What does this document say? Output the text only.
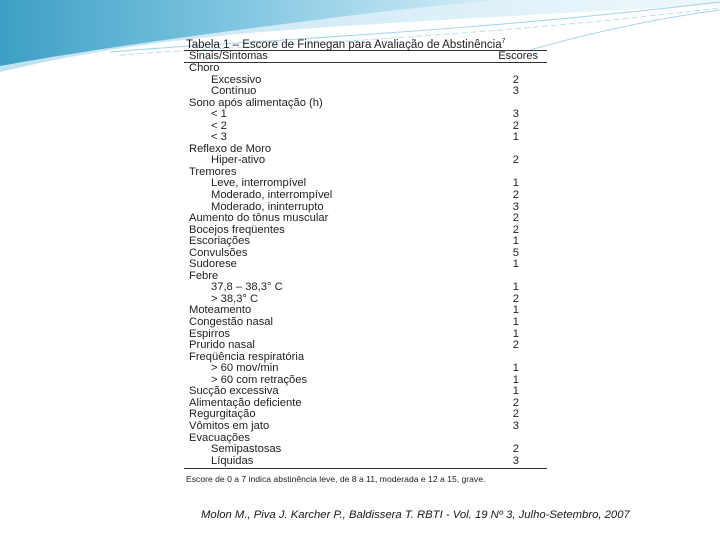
Tabela 1 – Escore de Finnegan para Avaliação de Abstinência$^7$
Sinais/Sintomas	Escores
Choro
Excessivo	2
Contínuo	3
Sono após alimentação (h)
< 1	3
< 2	2
< 3	1
Reflexo de Moro
Hiper-ativo	2
Tremores
Leve, interrompível	1
Moderado, interrompível	2
Moderado, ininterrupto	3
Aumento do tônus muscular	2
Bocejos freqüentes	2
Escoriações	1
Convulsões	5
Sudorese	1
Febre
37,8 – 38,3° C	1
> 38,3° C	2
Moteamento	1
Congestão nasal	1
Espirros	1
Prurido nasal	2
Freqüência respiratória
> 60 mov/min	1
> 60 com retrações	1
Sucção excessiva	1
Alimentação deficiente	2
Regurgitação	2
Vômitos em jato	3
Evacuações
Semipastosas	2
Líquidas	3
Escore de 0 a 7 indica abstinência leve, de 8 a 11, moderada e 12 a 15, grave.
Molon M., Piva J. Karcher P., Baldissera T. RBTI - Vol. 19 Nº 3, Julho-Setembro, 2007
